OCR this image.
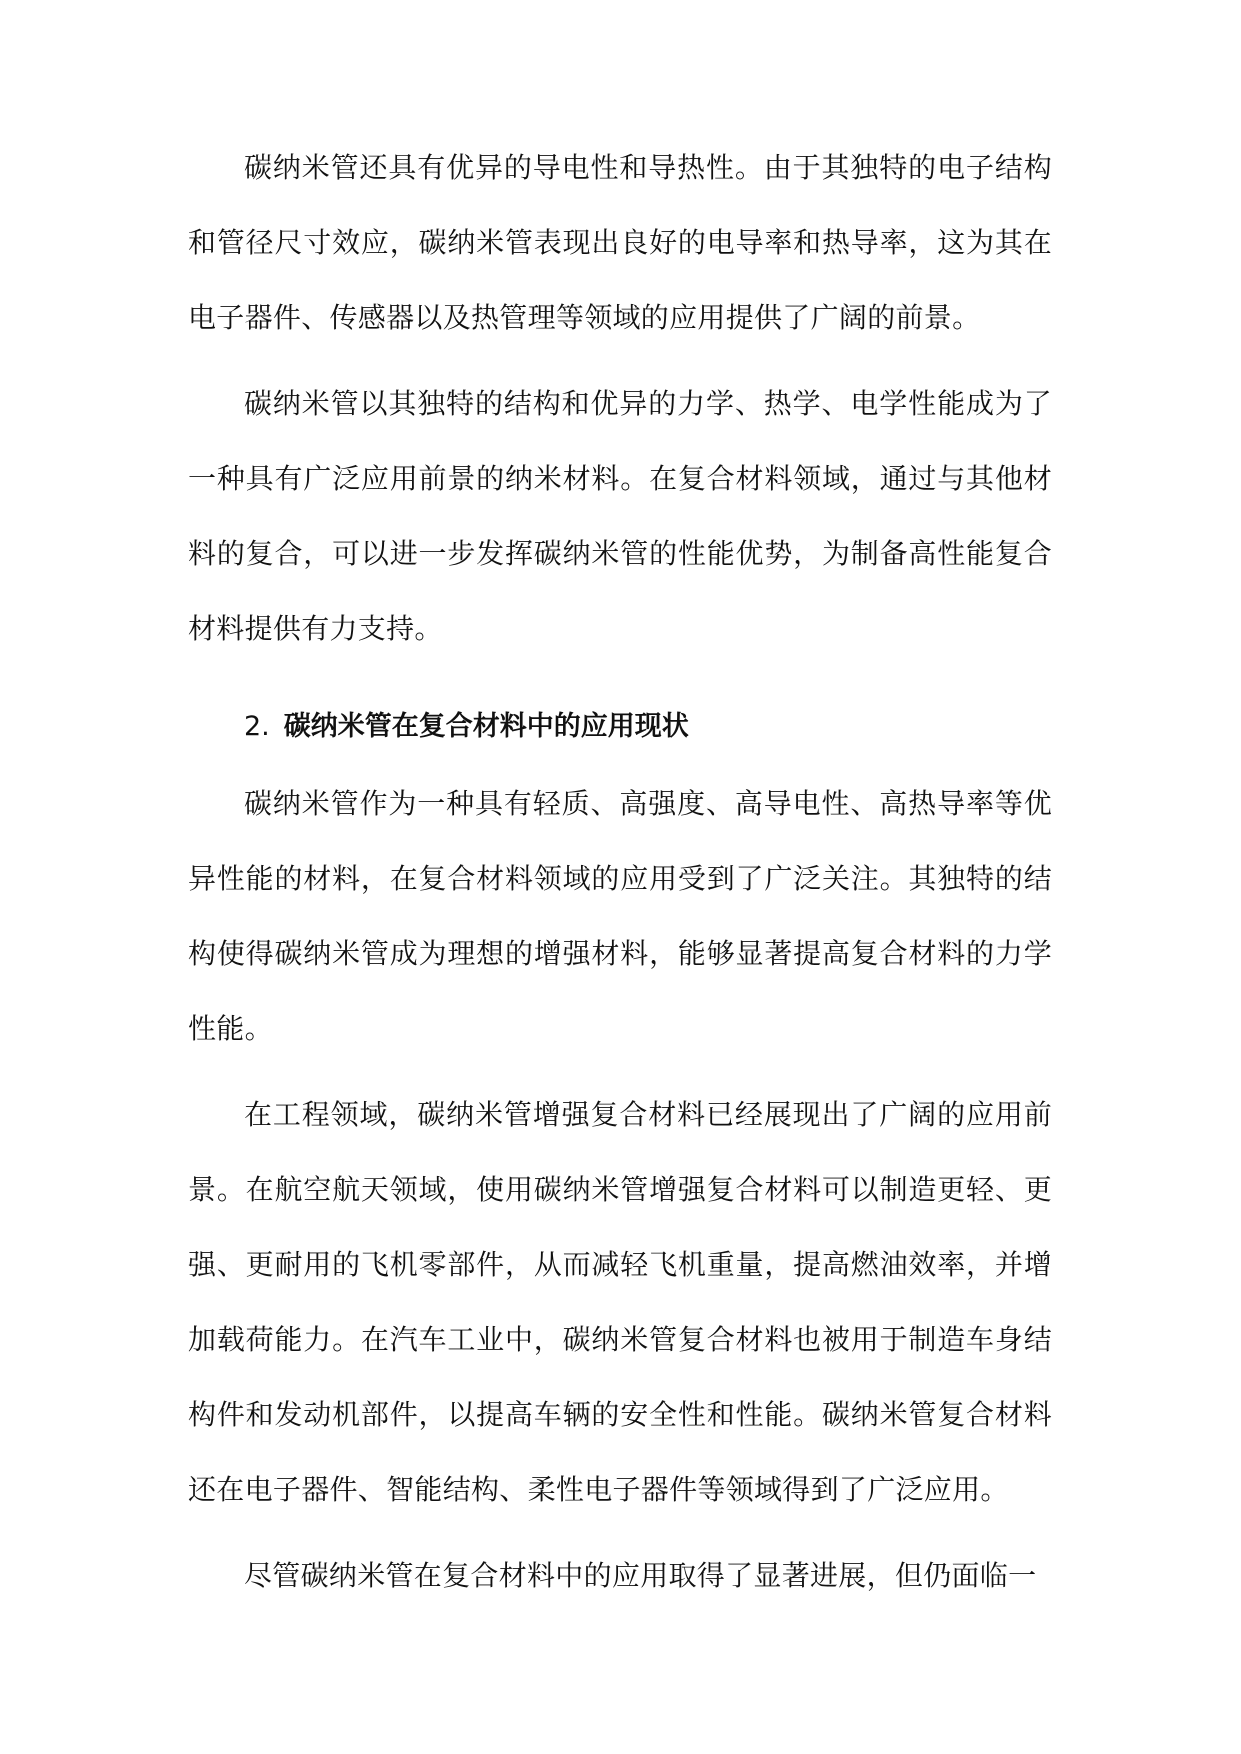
碳纳米管还具有优异的导电性和导热性。由于其独特的电子结构和管径尺寸效应，碳纳米管表现出良好的电导率和热导率，这为其在电子器件、传感器以及热管理等领域的应用提供了广阔的前景。

碳纳米管以其独特的结构和优异的力学、热学、电学性能成为了一种具有广泛应用前景的纳米材料。在复合材料领域，通过与其他材料的复合，可以进一步发挥碳纳米管的性能优势，为制备高性能复合材料提供有力支持。

2. 碳纳米管在复合材料中的应用现状

碳纳米管作为一种具有轻质、高强度、高导电性、高热导率等优异性能的材料，在复合材料领域的应用受到了广泛关注。其独特的结构使得碳纳米管成为理想的增强材料，能够显著提高复合材料的力学性能。

在工程领域，碳纳米管增强复合材料已经展现出了广阔的应用前景。在航空航天领域，使用碳纳米管增强复合材料可以制造更轻、更强、更耐用的飞机零部件，从而减轻飞机重量，提高燃油效率，并增加载荷能力。在汽车工业中，碳纳米管复合材料也被用于制造车身结构件和发动机部件，以提高车辆的安全性和性能。碳纳米管复合材料还在电子器件、智能结构、柔性电子器件等领域得到了广泛应用。

尽管碳纳米管在复合材料中的应用取得了显著进展，但仍面临一
